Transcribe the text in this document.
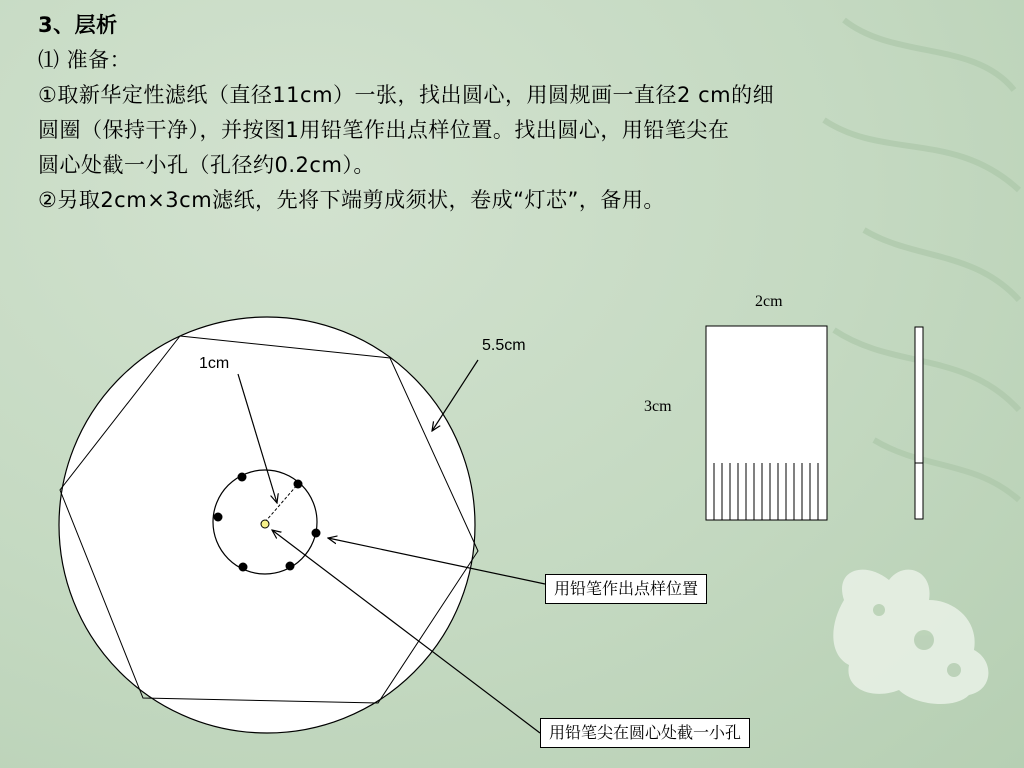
3、层析
⑴ 准备：
①取新华定性滤纸（直径11cm）一张，找出圆心，用圆规画一直径2 cm的细
圆圈（保持干净），并按图1用铅笔作出点样位置。找出圆心，用铅笔尖在
圆心处截一小孔（孔径约0.2cm）。
②另取2cm×3cm滤纸，先将下端剪成须状，卷成“灯芯”，备用。
5.5cm
1cm
2cm
3cm
用铅笔作出点样位置
用铅笔尖在圆心处截一小孔
